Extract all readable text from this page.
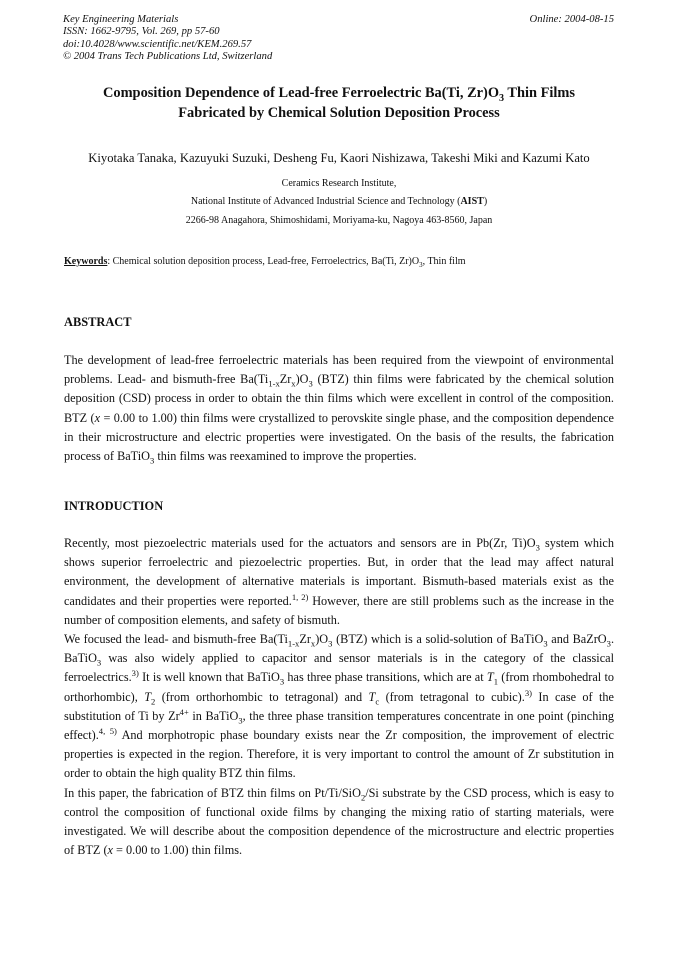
Key Engineering Materials
ISSN: 1662-9795, Vol. 269, pp 57-60
doi:10.4028/www.scientific.net/KEM.269.57
© 2004 Trans Tech Publications Ltd, Switzerland
Online: 2004-08-15
Composition Dependence of Lead-free Ferroelectric Ba(Ti, $Zr)O_3$ Thin Films
Fabricated by Chemical Solution Deposition Process
Kiyotaka Tanaka, Kazuyuki Suzuki, Desheng Fu, Kaori Nishizawa, Takeshi Miki and Kazumi Kato
Ceramics Research Institute,
National Institute of Advanced Industrial Science and Technology (AIST)
2266-98 Anagahora, Shimoshidami, Moriyama-ku, Nagoya 463-8560, Japan
Keywords: Chemical solution deposition process, Lead-free, Ferroelectrics, Ba(Ti, $Zr)O_3$, Thin film
ABSTRACT

The development of lead-free ferroelectric materials has been required from the viewpoint of environmental problems. Lead- and bismuth-free $Ba(Ti_{1-x}Zr_x)O_3$ (BTZ) thin films were fabricated by the chemical solution deposition (CSD) process in order to obtain the thin films which were excellent in control of the composition. BTZ (x = 0.00 to 1.00) thin films were crystallized to perovskite single phase, and the composition dependence in their microstructure and electric properties were investigated. On the basis of the results, the fabrication process of BaTiO$_3$ thin films was reexamined to improve the properties.

INTRODUCTION

Recently, most piezoelectric materials used for the actuators and sensors are in Pb(Zr, $Ti)O_3$ system which shows superior ferroelectric and piezoelectric properties. But, in order that the lead may affect natural environment, the development of alternative materials is important. Bismuth-based materials exist as the candidates and their properties were reported.$^{1, 2)}$ However, there are still problems such as the increase in the number of composition elements, and safety of bismuth.

We focused the lead- and bismuth-free $Ba(Ti_{1-x}Zr_x)O_3$ (BTZ) which is a solid-solution of BaTiO$_3$ and BaZrO$_3$. BaTiO$_3$ was also widely applied to capacitor and sensor materials is in the category of the classical ferroelectrics.$^{3)}$ It is well known that BaTiO$_3$ has three phase transitions, which are at $T_1$ (from rhombohedral to orthorhombic), $T_2$ (from orthorhombic to tetragonal) and $T_c$ (from tetragonal to cubic).$^{3)}$ In case of the substitution of Ti by $Zr^{4+}$ in BaTiO$_3$, the three phase transition temperatures concentrate in one point (pinching effect).$^{4, 5)}$ And morphotropic phase boundary exists near the Zr composition, the improvement of electric properties is expected in the region. Therefore, it is very important to control the amount of Zr substitution in order to obtain the high quality BTZ thin films.

In this paper, the fabrication of BTZ thin films on Pt/Ti/SiO$_2$/Si substrate by the CSD process, which is easy to control the composition of functional oxide films by changing the mixing ratio of starting materials, were investigated. We will describe about the composition dependence of the microstructure and electric properties of BTZ (x = 0.00 to 1.00) thin films.
